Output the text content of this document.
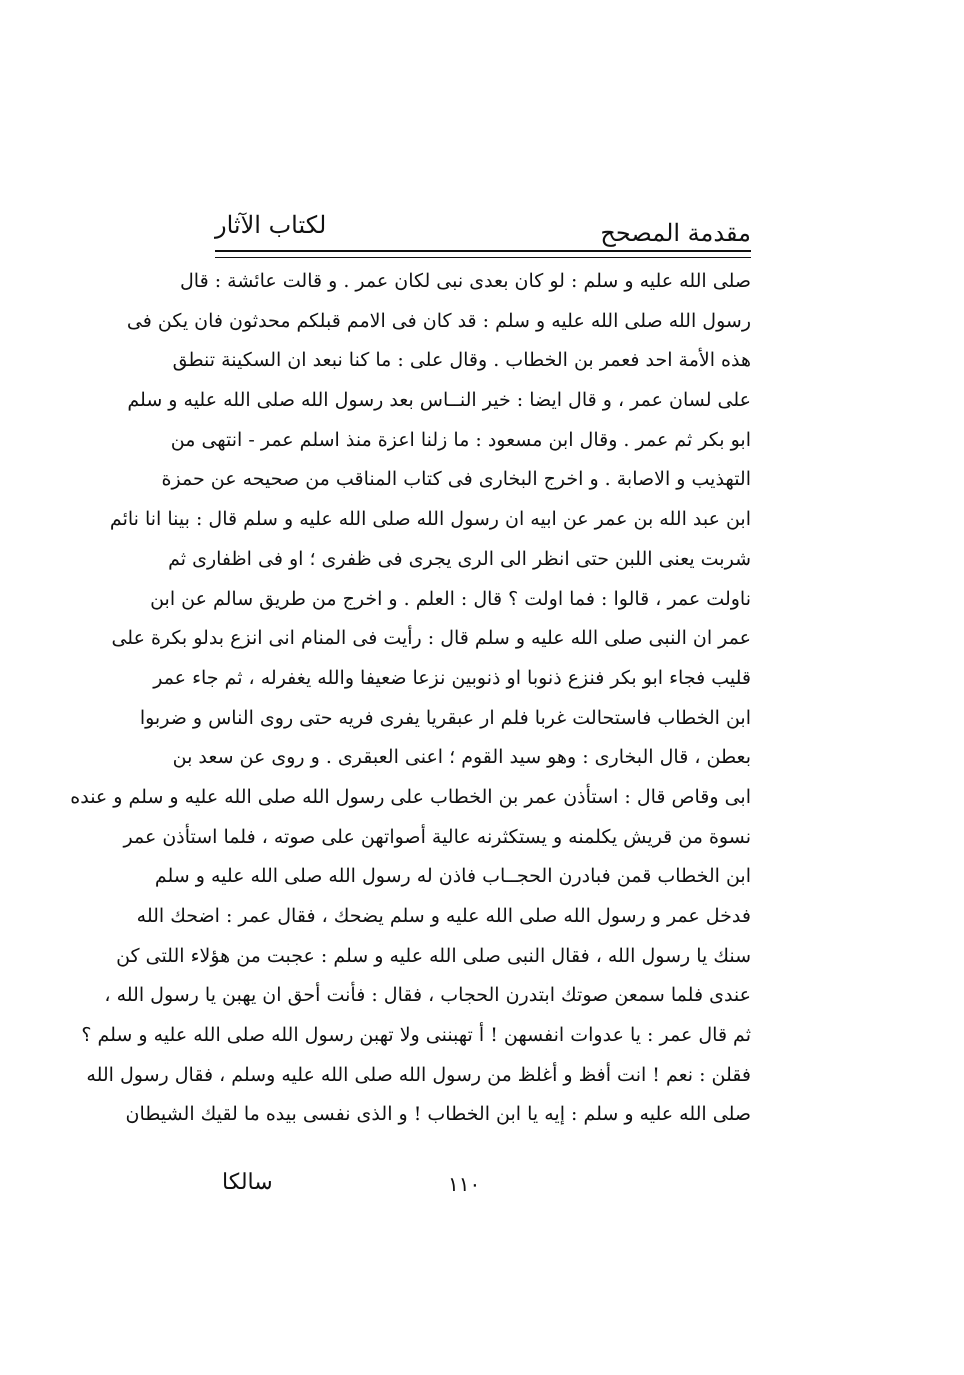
لكتاب الآثار	مقدمة المصحح
صلى الله عليه و سلم : لو كان بعدى نبى لكان عمر . و قالت عائشة : قال
رسول الله صلى الله عليه و سلم : قد كان فى الامم قبلكم محدثون فان يكن فى
هذه الأمة احد فعمر بن الخطاب . وقال على : ما كنا نبعد ان السكينة تنطق
على لسان عمر ، و قال ايضا : خير النــاس بعد رسول الله صلى الله عليه و سلم
ابو بكر ثم عمر . وقال ابن مسعود : ما زلنا اعزة منذ اسلم عمر - انتهى من
التهذيب و الاصابة . و اخرج البخارى فى كتاب المناقب من صحيحه عن حمزة
ابن عبد الله بن عمر عن ابيه ان رسول الله صلى الله عليه و سلم قال : بينا انا نائم
شربت يعنى اللبن حتى انظر الى الرى يجرى فى ظفرى ؛ او فى اظفارى ثم
ناولت عمر ، قالوا : فما اولت ؟ قال : العلم . و اخرج من طريق سالم عن ابن
عمر ان النبى صلى الله عليه و سلم قال : رأيت فى المنام انى انزع بدلو بكرة على
قليب فجاء ابو بكر فنزع ذنوبا او ذنوبين نزعا ضعيفا والله يغفرله ، ثم جاء عمر
ابن الخطاب فاستحالت غربا فلم ار عبقريا يفرى فريه حتى روى الناس و ضربوا
بعطن ، قال البخارى : وهو سيد القوم ؛ اعنى العبقرى . و روى عن سعد بن
ابى وقاص قال : استأذن عمر بن الخطاب على رسول الله صلى الله عليه و سلم و عنده
نسوة من قريش يكلمنه و يستكثرنه عالية أصواتهن على صوته ، فلما استأذن عمر
ابن الخطاب قمن فبادرن الحجــاب فاذن له رسول الله صلى الله عليه و سلم
فدخل عمر و رسول الله صلى الله عليه و سلم يضحك ، فقال عمر : اضحك الله
سنك يا رسول الله ، فقال النبى صلى الله عليه و سلم : عجبت من هؤلاء اللتى كن
عندى فلما سمعن صوتك ابتدرن الحجاب ، فقال : فأنت أحق ان يهبن يا رسول الله ،
ثم قال عمر : يا عدوات انفسهن ! أ تهبننى ولا تهبن رسول الله صلى الله عليه و سلم ؟
فقلن : نعم ! انت أفظ و أغلظ من رسول الله صلى الله عليه وسلم ، فقال رسول الله
صلى الله عليه و سلم : إيه يا ابن الخطاب ! و الذى نفسى بيده ما لقيك الشيطان
سالكا	١١٠
